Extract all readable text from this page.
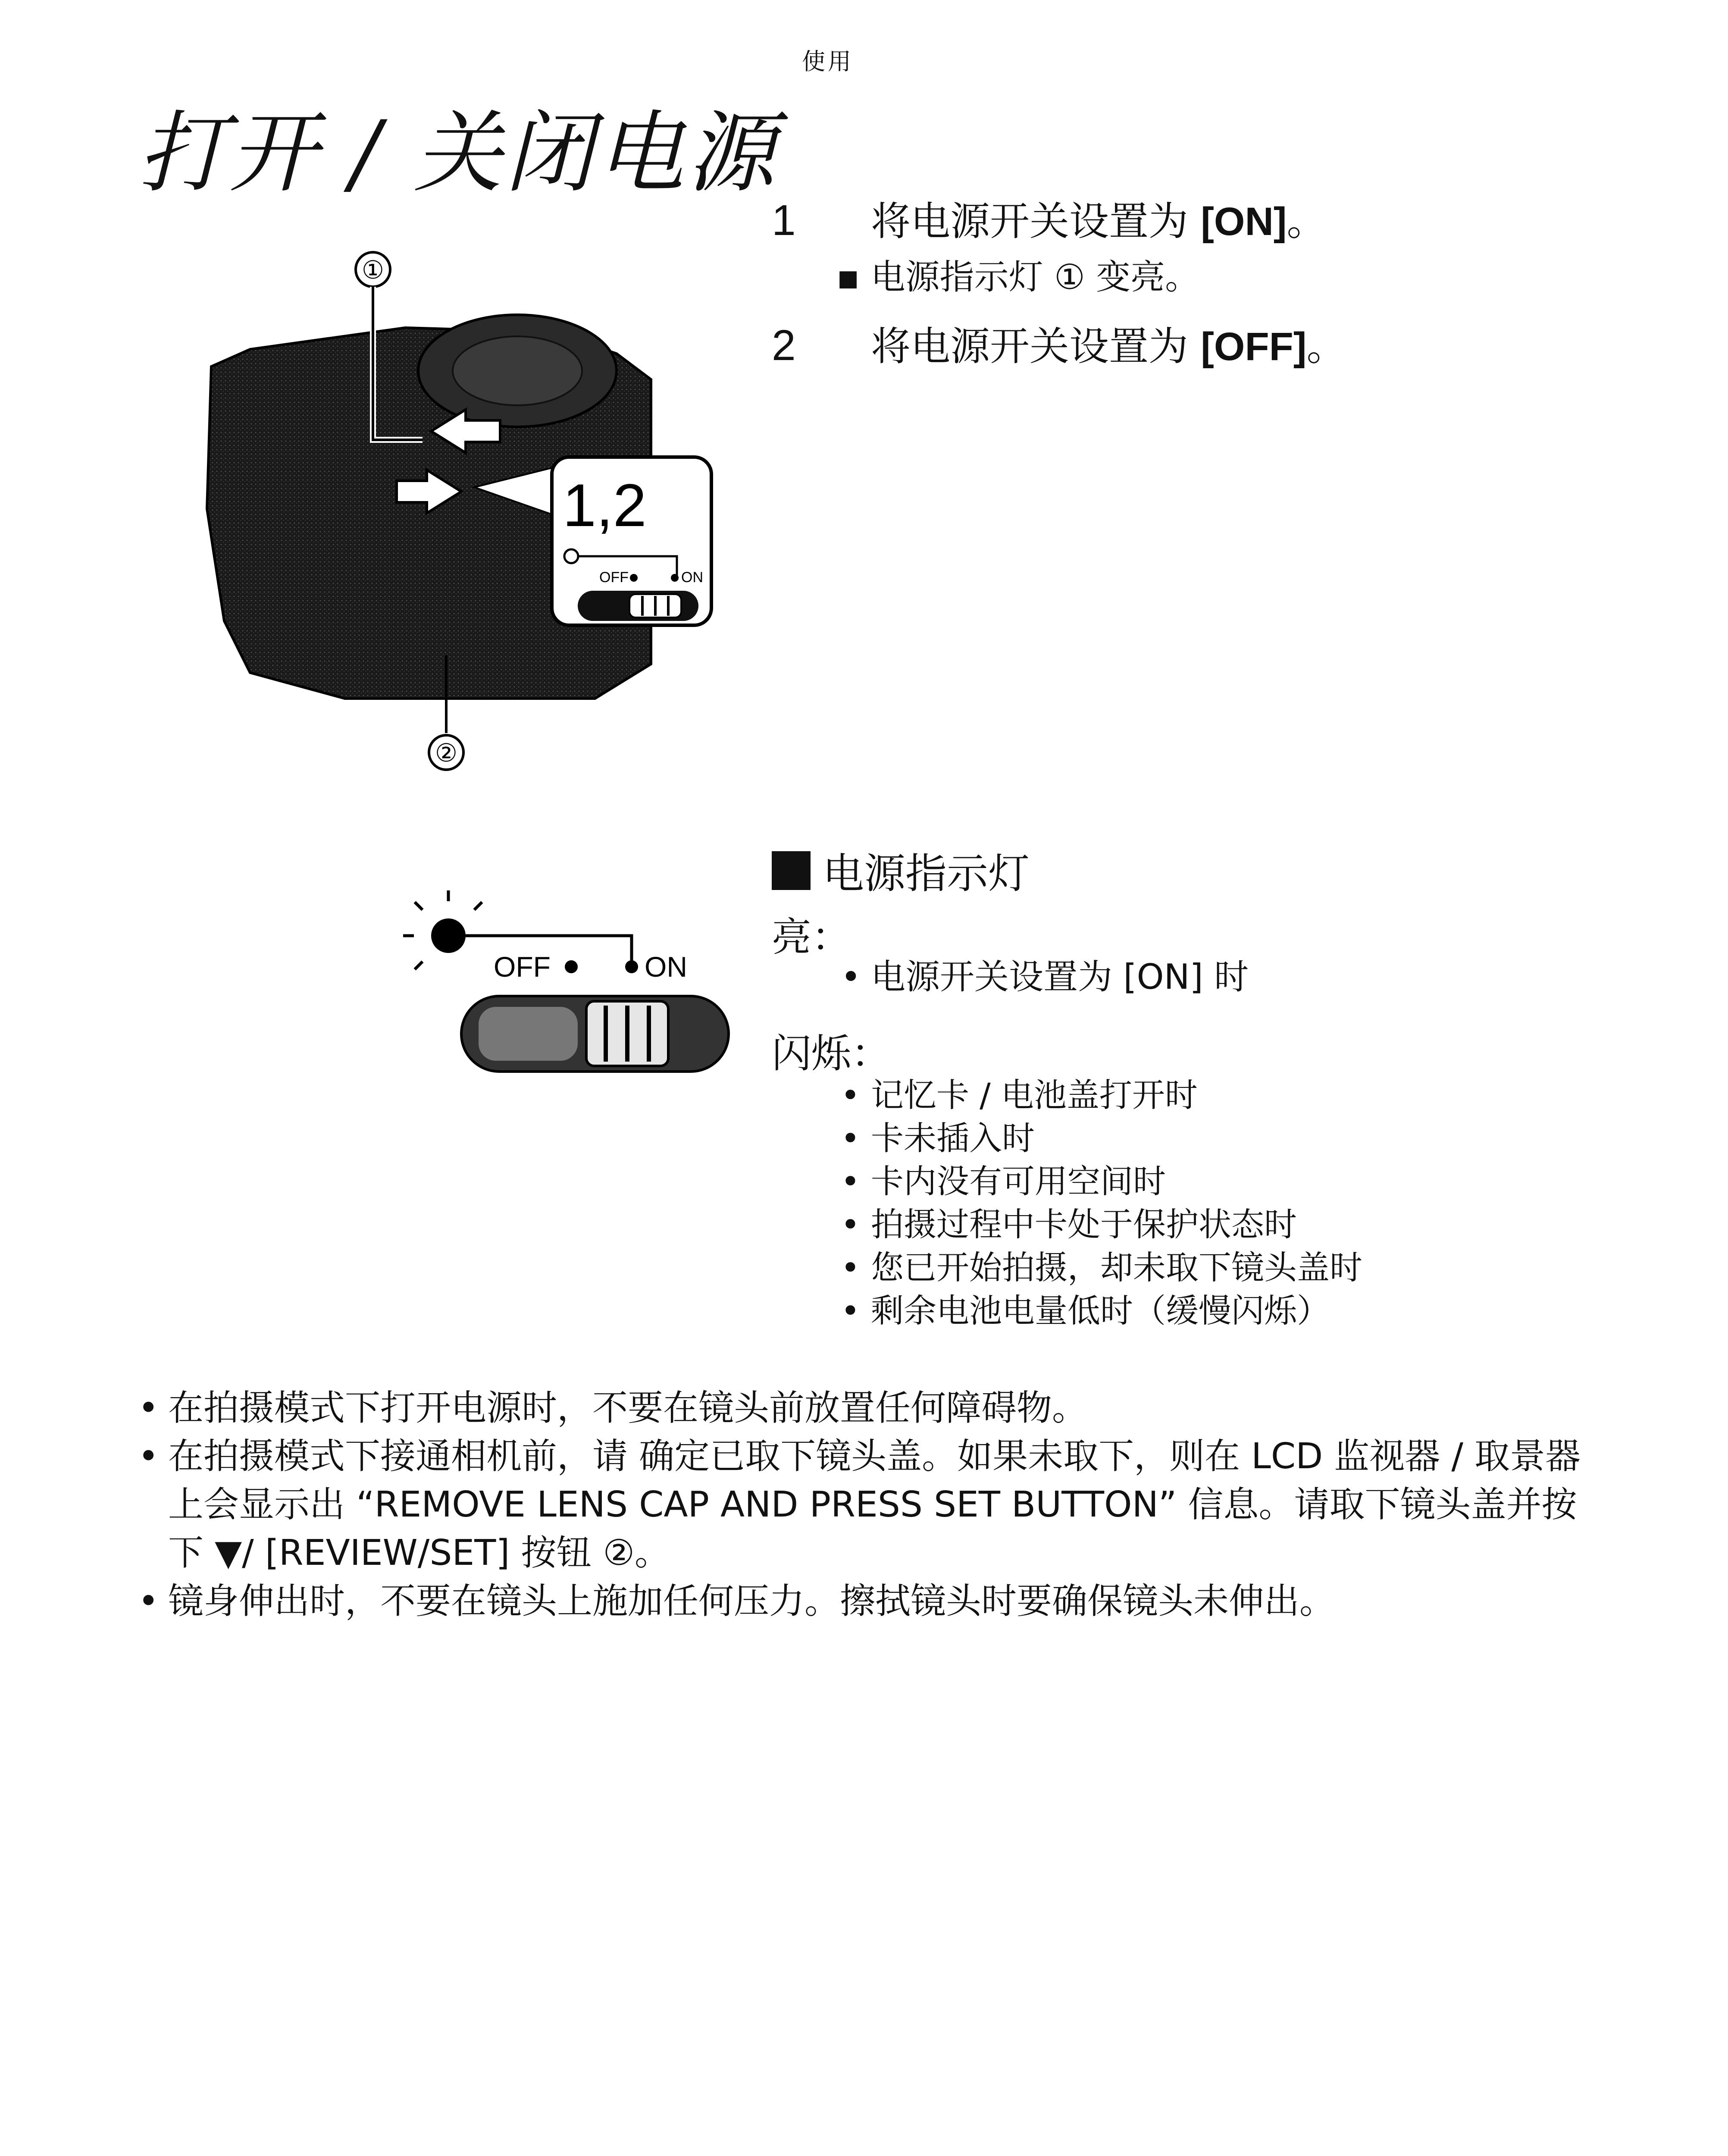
使用
打开 / 关闭电源
①
1,2
OFF	ON
②
1 将电源开关设置为 [ON]。
▪ 电源指示灯 ① 变亮。
2 将电源开关设置为 [OFF]。
OFF	ON
电源指示灯
亮：
• 电源开关设置为 [ON] 时
闪烁：
• 记忆卡 / 电池盖打开时
• 卡未插入时
• 卡内没有可用空间时
• 拍摄过程中卡处于保护状态时
• 您已开始拍摄，却未取下镜头盖时
• 剩余电池电量低时（缓慢闪烁）
• 在拍摄模式下打开电源时，不要在镜头前放置任何障碍物。
• 在拍摄模式下接通相机前，请 确定已取下镜头盖。如果未取下，则在 LCD 监视器 / 取景器上会显示出 “REMOVE LENS CAP AND PRESS SET BUTTON” 信息。请取下镜头盖并按下 ▼/ [REVIEW/SET] 按钮 ②。
• 镜身伸出时，不要在镜头上施加任何压力。擦拭镜头时要确保镜头未伸出。
